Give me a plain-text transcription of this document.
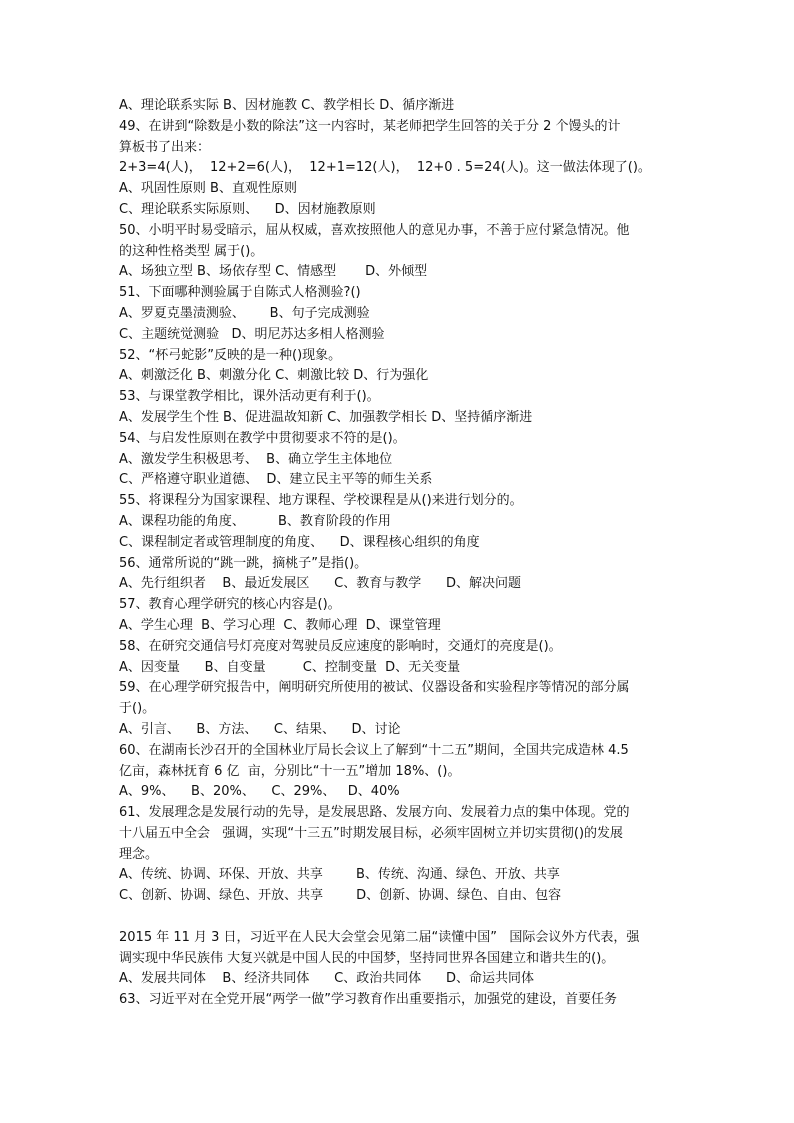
A、理论联系实际 B、因材施教 C、教学相长 D、循序渐进
49、在讲到“除数是小数的除法”这一内容时，某老师把学生回答的关于分 2 个馒头的计
算板书了出来：
2+3=4(人)，  12+2=6(人)，  12+1=12(人)，  12+0 . 5=24(人)。这一做法体现了()。
A、巩固性原则 B、直观性原则
C、理论联系实际原则、    D、因材施教原则
50、小明平时易受暗示，屈从权威，喜欢按照他人的意见办事，不善于应付紧急情况。他
的这种性格类型 属于()。
A、场独立型 B、场依存型 C、情感型       D、外倾型
51、下面哪种测验属于自陈式人格测验?()
A、罗夏克墨渍测验、      B、句子完成测验
C、主题统觉测验   D、明尼苏达多相人格测验
52、“杯弓蛇影”反映的是一种()现象。
A、刺激泛化 B、刺激分化 C、刺激比较 D、行为强化
53、与课堂教学相比，课外活动更有利于()。
A、发展学生个性 B、促进温故知新 C、加强教学相长 D、坚持循序渐进
54、与启发性原则在教学中贯彻要求不符的是()。
A、激发学生积极思考、  B、确立学生主体地位
C、严格遵守职业道德、  D、建立民主平等的师生关系
55、将课程分为国家课程、地方课程、学校课程是从()来进行划分的。
A、课程功能的角度、        B、教育阶段的作用
C、课程制定者或管理制度的角度、    D、课程核心组织的角度
56、通常所说的“跳一跳，摘桃子”是指()。
A、先行组织者    B、最近发展区      C、教育与教学      D、解决问题
57、教育心理学研究的核心内容是()。
A、学生心理  B、学习心理  C、教师心理  D、课堂管理
58、在研究交通信号灯亮度对驾驶员反应速度的影响时，交通灯的亮度是()。
A、因变量      B、自变量         C、控制变量  D、无关变量
59、在心理学研究报告中，阐明研究所使用的被试、仪器设备和实验程序等情况的部分属
于()。
A、引言、    B、方法、    C、结果、    D、讨论
60、在湖南长沙召开的全国林业厅局长会议上了解到“十二五”期间，全国共完成造林 4.5
亿亩，森林抚育 6 亿  亩，分别比“十一五”增加 18%、()。
A、9%、    B、20%、    C、29%、   D、40%
61、发展理念是发展行动的先导，是发展思路、发展方向、发展着力点的集中体现。党的
十八届五中全会   强调，实现“十三五”时期发展目标，必须牢固树立并切实贯彻()的发展
理念。
A、传统、协调、环保、开放、共享        B、传统、沟通、绿色、开放、共享
C、创新、协调、绿色、开放、共享        D、创新、协调、绿色、自由、包容
2015 年 11 月 3 日，习近平在人民大会堂会见第二届“读懂中国”   国际会议外方代表，强
调实现中华民族伟 大复兴就是中国人民的中国梦，坚持同世界各国建立和谐共生的()。
A、发展共同体    B、经济共同体      C、政治共同体      D、命运共同体
63、习近平对在全党开展“两学一做”学习教育作出重要指示，加强党的建设，首要任务
